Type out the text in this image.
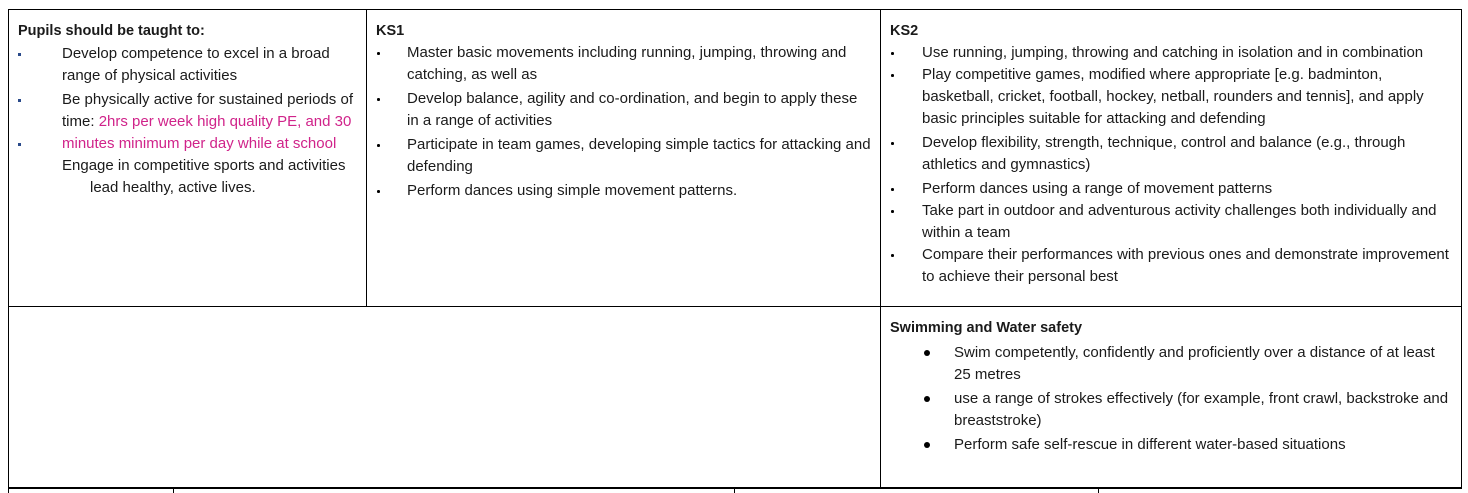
Pupils should be taught to:
Develop competence to excel in a broad range of physical activities
Be physically active for sustained periods of time: 2hrs per week high quality PE, and 30 minutes minimum per day while at school
Engage in competitive sports and activitieslead healthy, active lives.
KS1
Master basic movements including running, jumping, throwing and catching, as well as
Develop balance, agility and co-ordination, and begin to apply these in a range of activities
Participate in team games, developing simple tactics for attacking and defending
Perform dances using simple movement patterns.
KS2
Use running, jumping, throwing and catching in isolation and in combination
Play competitive games, modified where appropriate [e.g. badminton, basketball, cricket, football, hockey, netball, rounders and tennis], and apply basic principles suitable for attacking and defending
Develop flexibility, strength, technique, control and balance (e.g., through athletics and gymnastics)
Perform dances using a range of movement patterns
Take part in outdoor and adventurous activity challenges both individually and within a team
Compare their performances with previous ones and demonstrate improvement to achieve their personal best
Swimming and Water safety
Swim competently, confidently and proficiently over a distance of at least 25 metres
use a range of strokes effectively (for example, front crawl, backstroke and breaststroke)
Perform safe self-rescue in different water-based situations
